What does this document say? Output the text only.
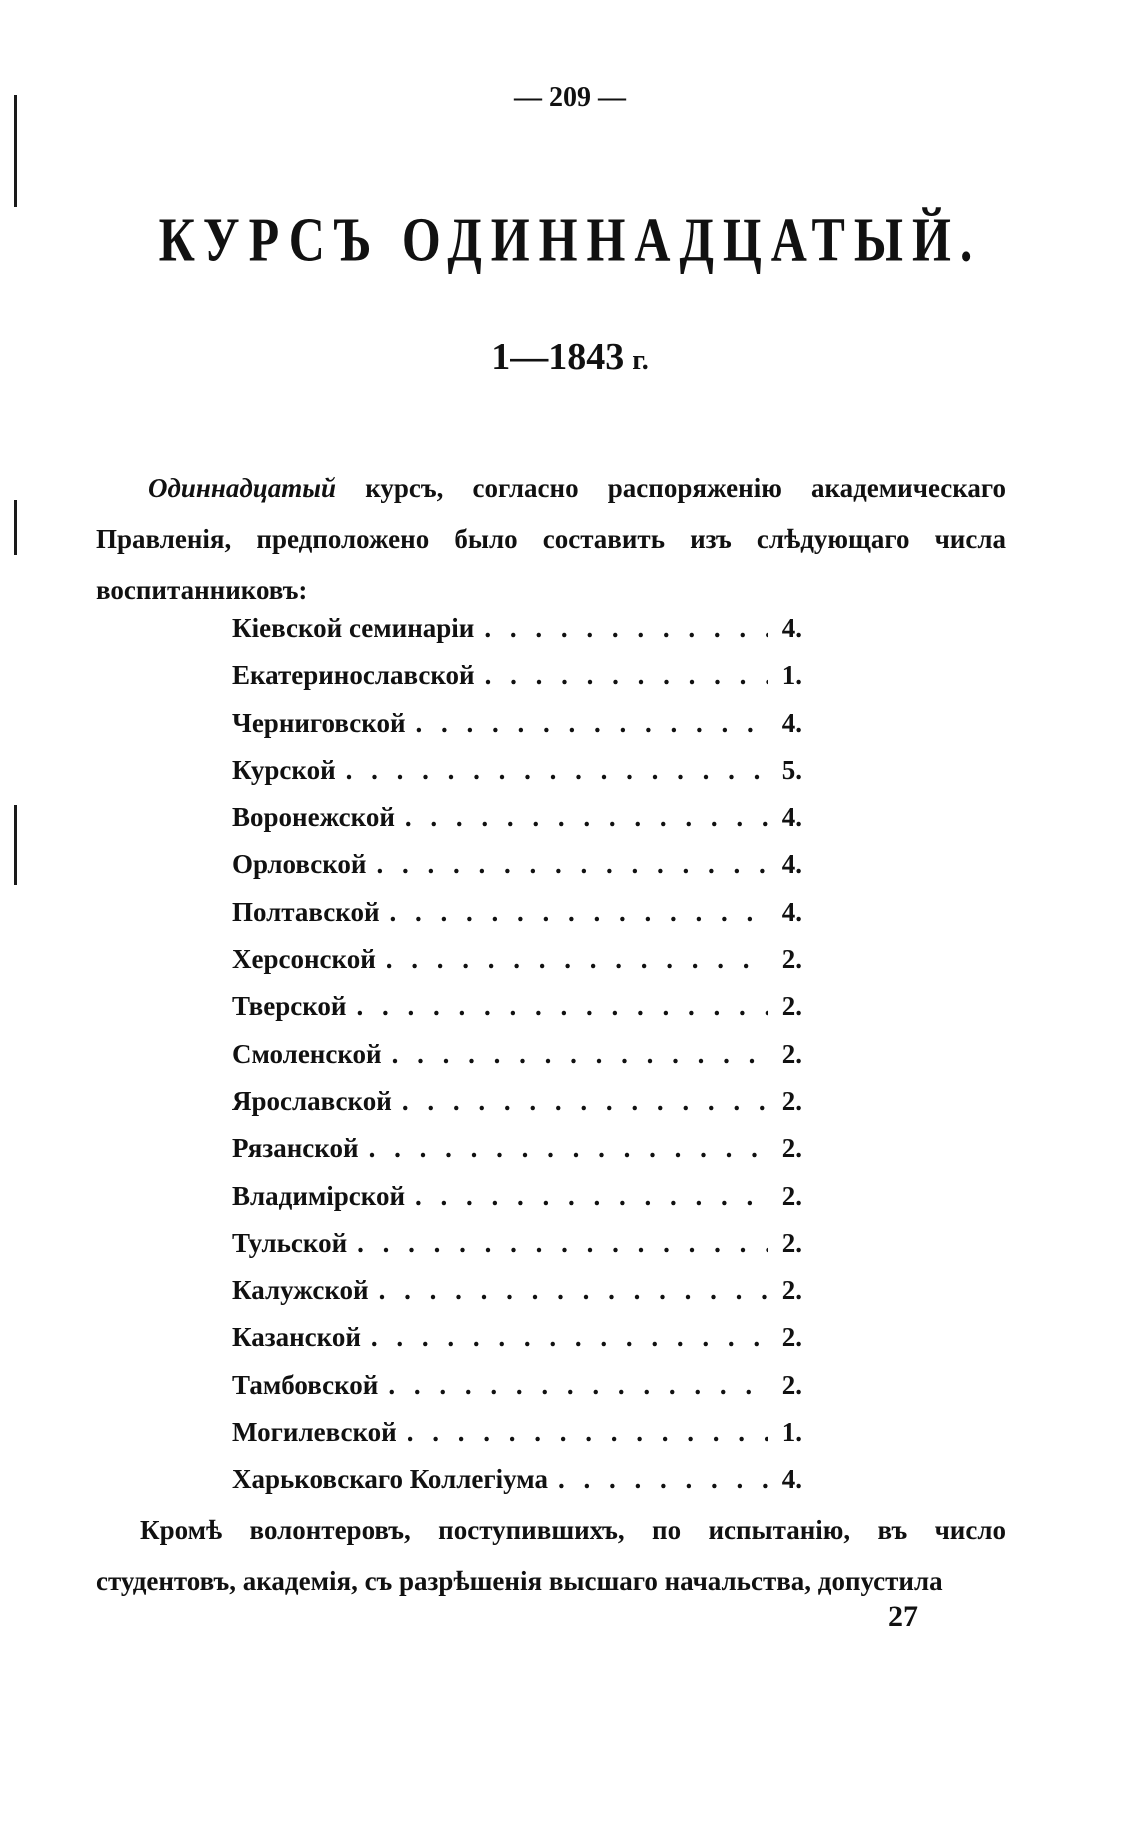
— 209 —
КУРСЪ ОДИННАДЦАТЫЙ.
1—1843 г.
Одиннадцатый курсъ, согласно распоряженію академическаго Правленія, предположено было составить изъ слѣдующаго числа воспитанниковъ:
Кіевской семинаріи . . .	4.
Екатеринославской . . .	1.
Черниговской . . .	4.
Курской . . .	5.
Воронежской . . .	4.
Орловской . . .	4.
Полтавской . . .	4.
Херсонской . . .	2.
Тверской . . .	2.
Смоленской . . .	2.
Ярославской . . .	2.
Рязанской . . .	2.
Владимірской . . .	2.
Тульской . . .	2.
Калужской . . .	2.
Казанской . . .	2.
Тамбовской . . .	2.
Могилевской . . .	1.
Харьковскаго Коллегіума . . .	4.
Кромѣ волонтеровъ, поступившихъ, по испытанію, въ число студентовъ, академія, съ разрѣшенія высшаго начальства, допустила
27
